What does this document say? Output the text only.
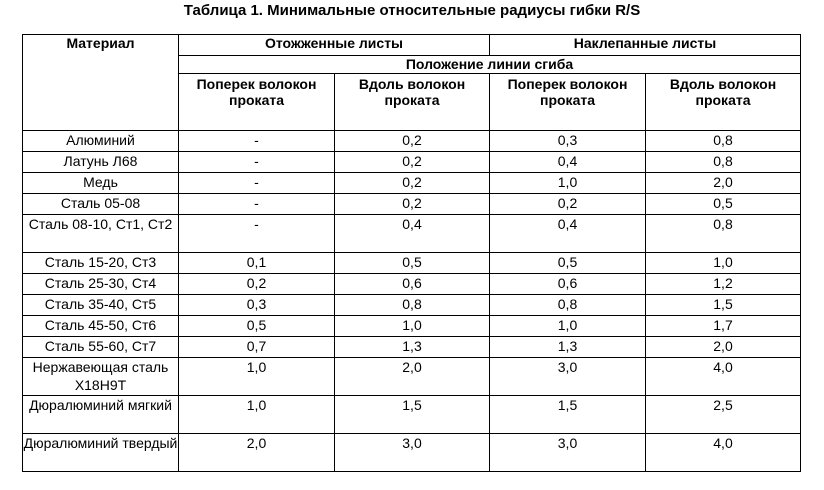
Таблица 1. Минимальные относительные радиусы гибки R/S
Материал	Отожженные листы		Наклепанные листы	
	Положение линии сгиба			
	Поперек волокон проката	Вдоль волокон проката	Поперек волокон проката	Вдоль волокон проката
Алюминий	-	0,2	0,3	0,8
Латунь Л68	-	0,2	0,4	0,8
Медь	-	0,2	1,0	2,0
Сталь 05-08	-	0,2	0,2	0,5
Сталь 08-10, Ст1, Ст2	-	0,4	0,4	0,8
Сталь 15-20, Ст3	0,1	0,5	0,5	1,0
Сталь 25-30, Ст4	0,2	0,6	0,6	1,2
Сталь 35-40, Ст5	0,3	0,8	0,8	1,5
Сталь 45-50, Ст6	0,5	1,0	1,0	1,7
Сталь 55-60, Ст7	0,7	1,3	1,3	2,0
Нержавеющая сталь Х18Н9Т	1,0	2,0	3,0	4,0
Дюралюминий мягкий	1,0	1,5	1,5	2,5
Дюралюминий твердый	2,0	3,0	3,0	4,0
